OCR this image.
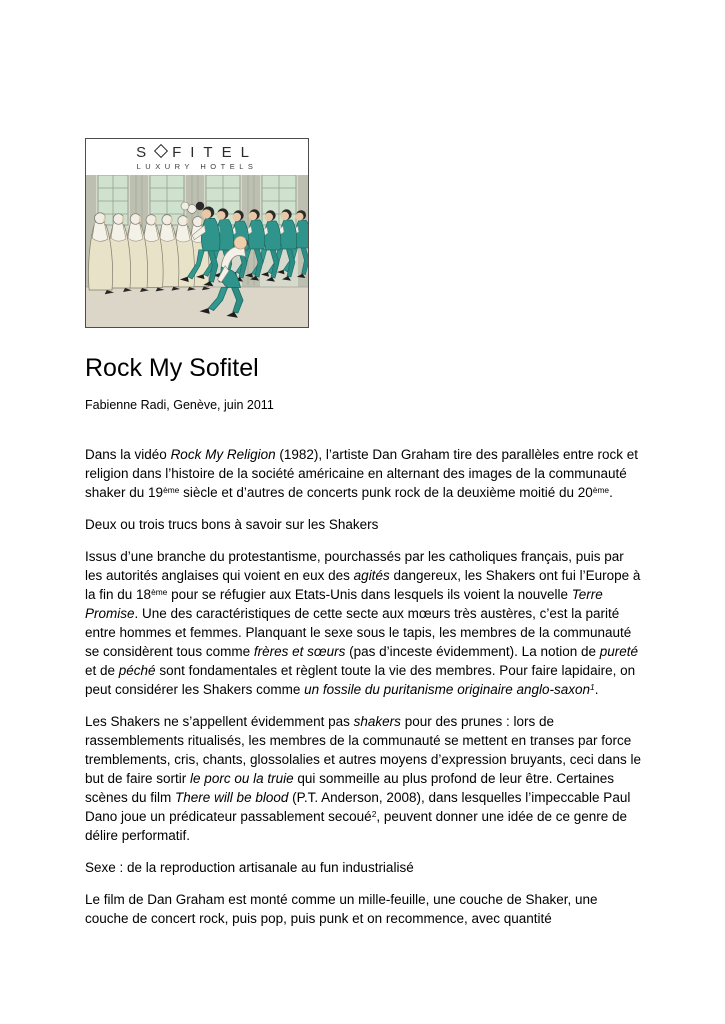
S FITEL
LUXURY HOTELS
Rock My Sofitel
Fabienne Radi, Genève, juin 2011

Dans la vidéo Rock My Religion (1982), l’artiste Dan Graham tire des parallèles entre rock et religion dans l’histoire de la société américaine en alternant des images de la communauté shaker du 19ème siècle et d’autres de concerts punk rock de la deuxième moitié du 20ème.

Deux ou trois trucs bons à savoir sur les Shakers

Issus d’une branche du protestantisme, pourchassés par les catholiques français, puis par les autorités anglaises qui voient en eux des agités dangereux, les Shakers ont fui l’Europe à la fin du 18ème pour se réfugier aux Etats-Unis dans lesquels ils voient la nouvelle Terre Promise. Une des caractéristiques de cette secte aux mœurs très austères, c’est la parité entre hommes et femmes. Planquant le sexe sous le tapis, les membres de la communauté se considèrent tous comme frères et sœurs (pas d’inceste évidemment). La notion de pureté et de péché sont fondamentales et règlent toute la vie des membres. Pour faire lapidaire, on peut considérer les Shakers comme un fossile du puritanisme originaire anglo-saxon$^1$.

Les Shakers ne s’appellent évidemment pas shakers pour des prunes : lors de rassemblements ritualisés, les membres de la communauté se mettent en transes par force tremblements, cris, chants, glossolalies et autres moyens d’expression bruyants, ceci dans le but de faire sortir le porc ou la truie qui sommeille au plus profond de leur être. Certaines scènes du film There will be blood (P.T. Anderson, 2008), dans lesquelles l’impeccable Paul Dano joue un prédicateur passablement secoué$^2$, peuvent donner une idée de ce genre de délire performatif.

Sexe : de la reproduction artisanale au fun industrialisé

Le film de Dan Graham est monté comme un mille-feuille, une couche de Shaker, une couche de concert rock, puis pop, puis punk et on recommence, avec quantité
